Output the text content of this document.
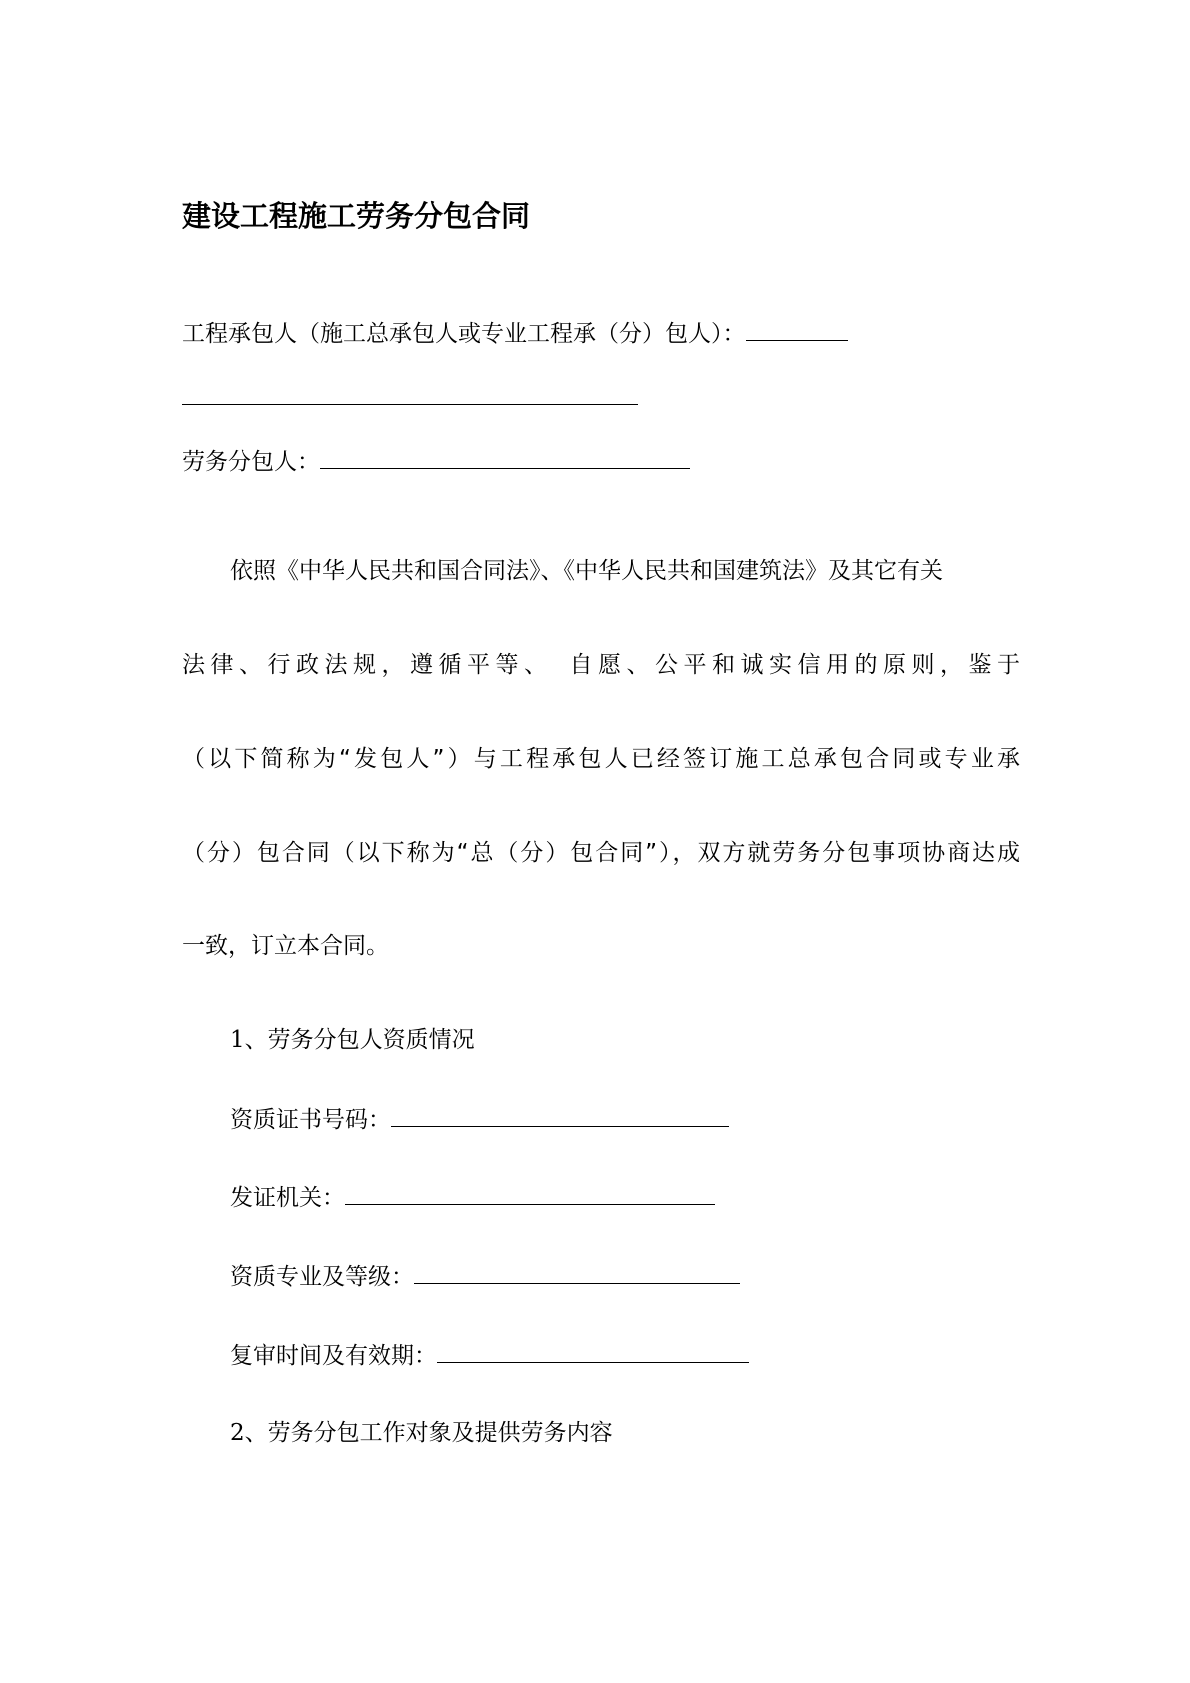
建设工程施工劳务分包合同
工程承包人（施工总承包人或专业工程承（分）包人）：
劳务分包人：
依照《中华人民共和国合同法》、《中华人民共和国建筑法》及其它有关
法律、行政法规，遵循平等、　自愿、公平和诚实信用的原则，鉴于
（以下简称为“发包人”）与工程承包人已经签订施工总承包合同或专业承
（分）包合同（以下称为“总（分）包合同”），双方就劳务分包事项协商达成
一致，订立本合同。
1、劳务分包人资质情况
资质证书号码：
发证机关：
资质专业及等级：
复审时间及有效期：
2、劳务分包工作对象及提供劳务内容
